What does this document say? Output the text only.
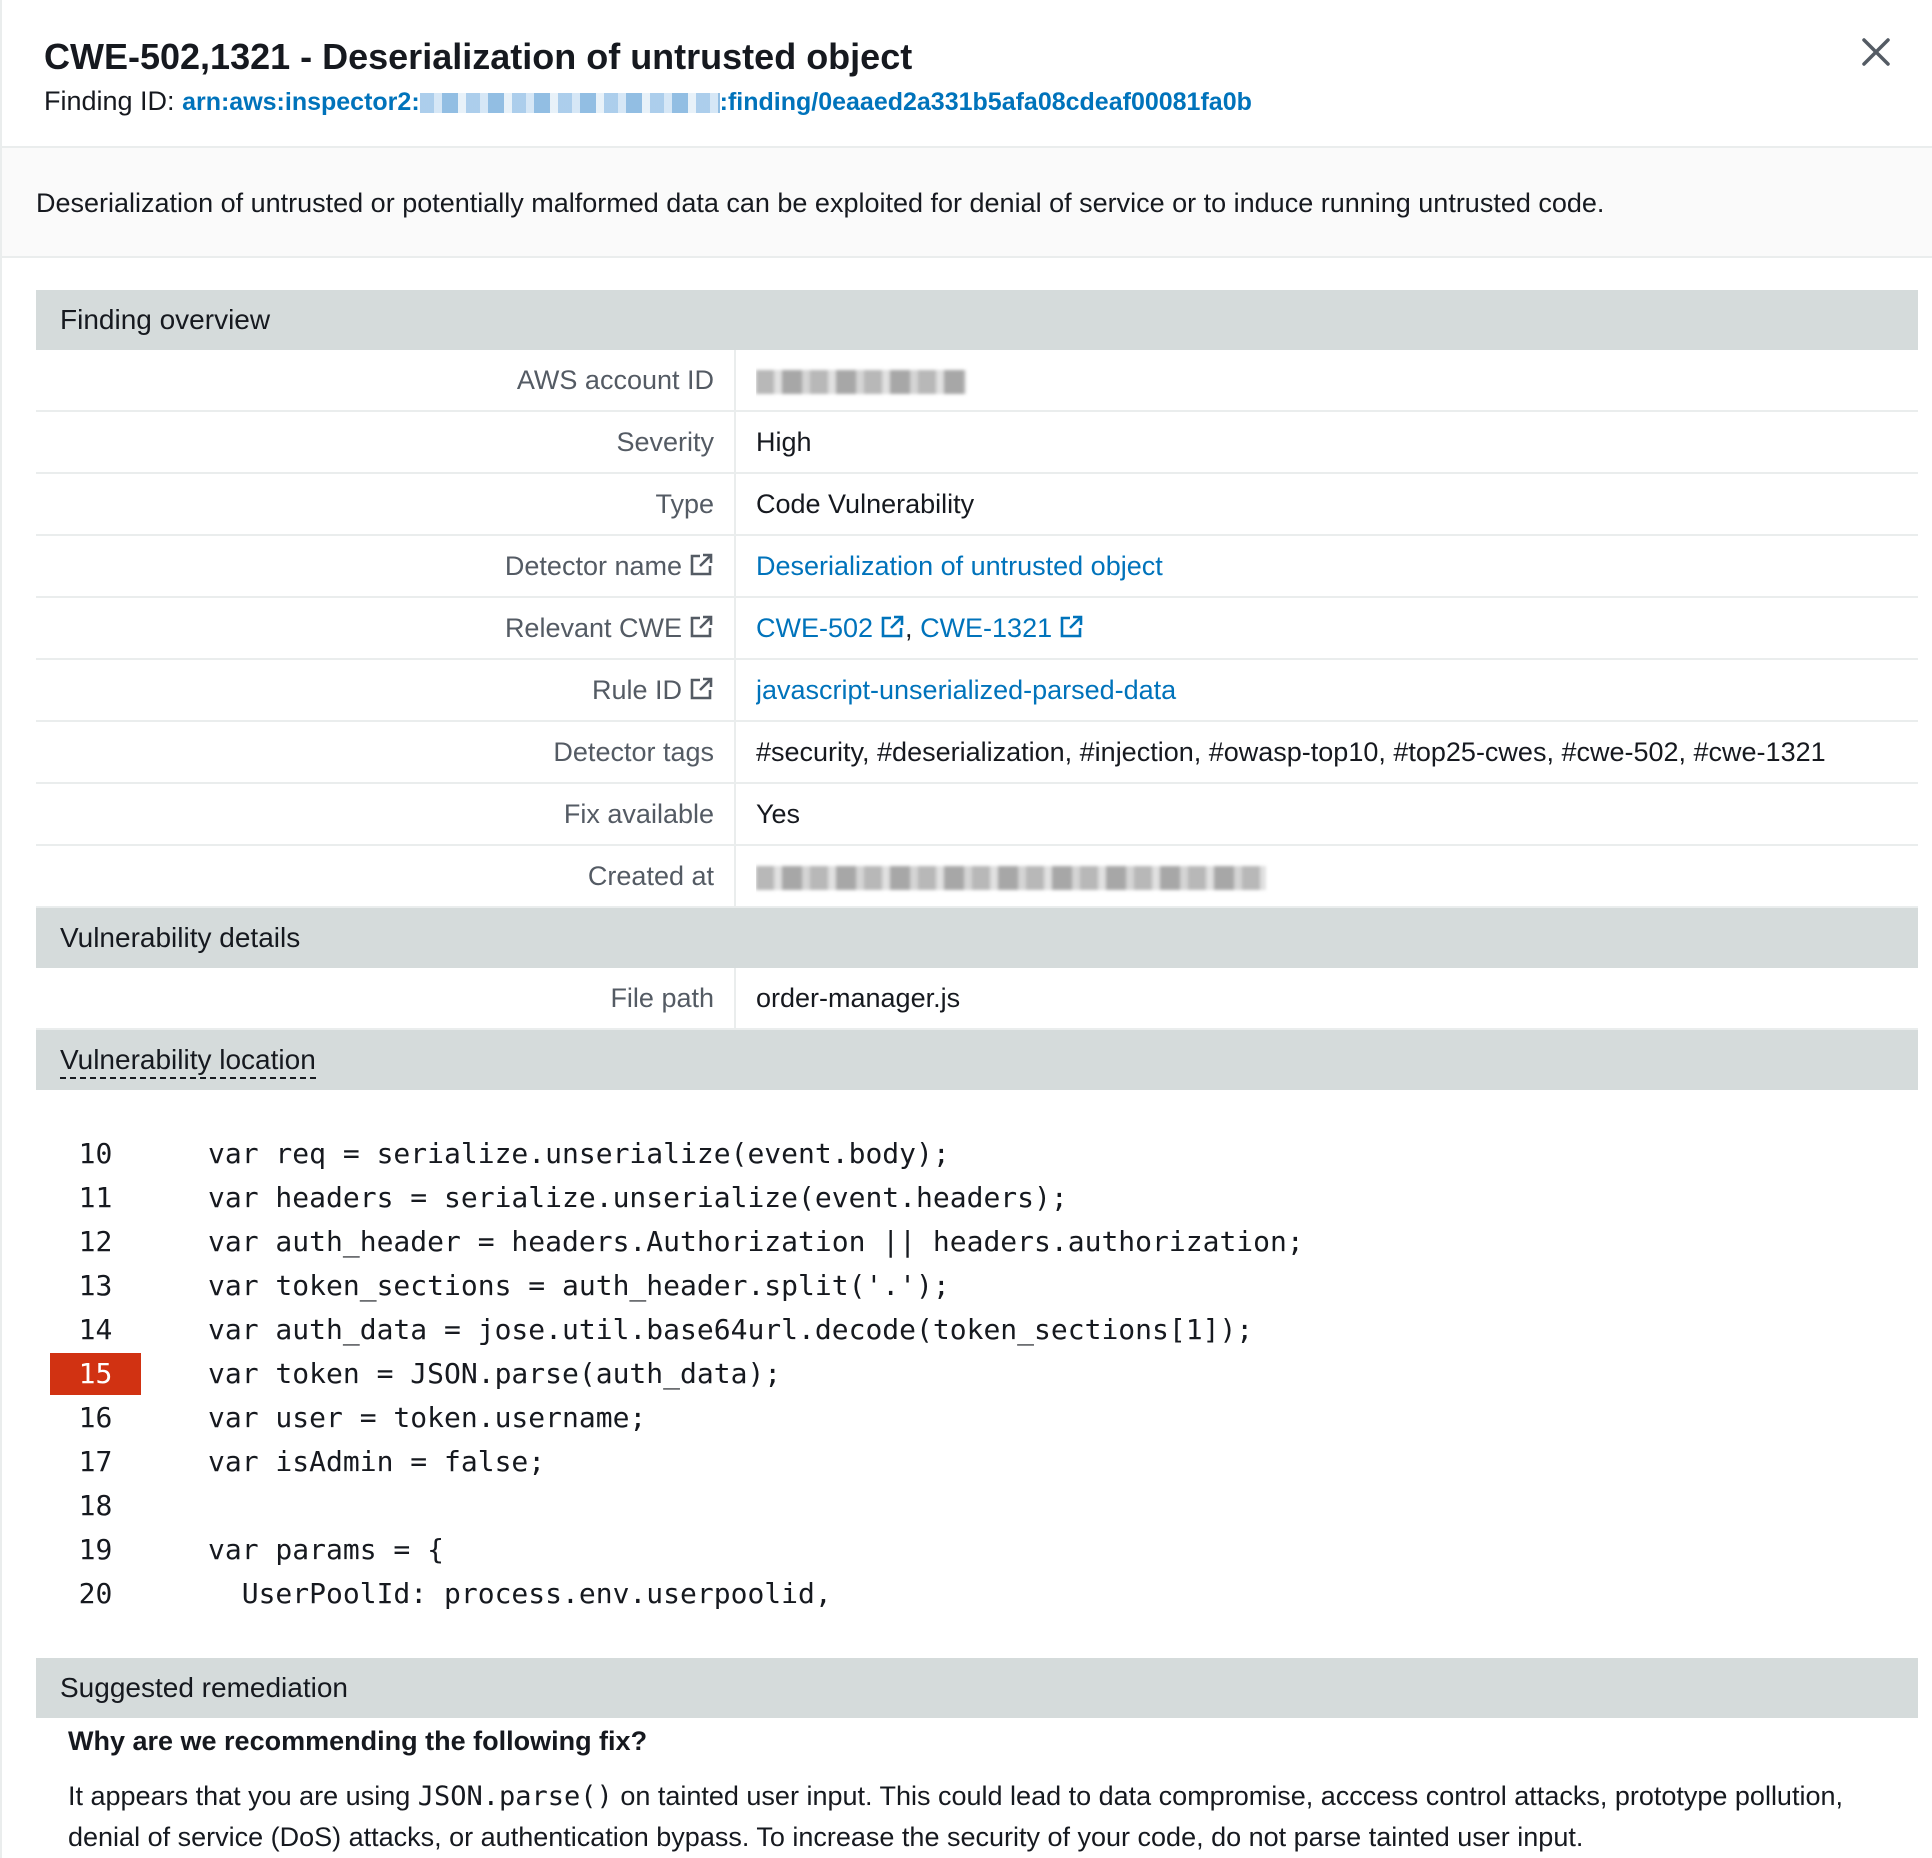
CWE-502,1321 - Deserialization of untrusted object
Finding ID: arn:aws:inspector2:	:finding/0eaaed2a331b5afa08cdeaf00081fa0b
Deserialization of untrusted or potentially malformed data can be exploited for denial of service or to induce running untrusted code.
Finding overview
AWS account ID
Severity	High
Type	Code Vulnerability
Detector name	Deserialization of untrusted object
Relevant CWE	CWE-502 , CWE-1321
Rule ID	javascript-unserialized-parsed-data
Detector tags	#security, #deserialization, #injection, #owasp-top10, #top25-cwes, #cwe-502, #cwe-1321
Fix available	Yes
Created at
Vulnerability details
File path	order-manager.js
Vulnerability location
10	var req = serialize.unserialize(event.body);
11	var headers = serialize.unserialize(event.headers);
12	var auth_header = headers.Authorization || headers.authorization;
13	var token_sections = auth_header.split('.');
14	var auth_data = jose.util.base64url.decode(token_sections[1]);
15	var token = JSON.parse(auth_data);
16	var user = token.username;
17	var isAdmin = false;
18
19	var params = {
20	UserPoolId: process.env.userpoolid,
Suggested remediation
Why are we recommending the following fix?
It appears that you are using JSON.parse() on tainted user input. This could lead to data compromise, acccess control attacks, prototype pollution, denial of service (DoS) attacks, or authentication bypass. To increase the security of your code, do not parse tainted user input.
